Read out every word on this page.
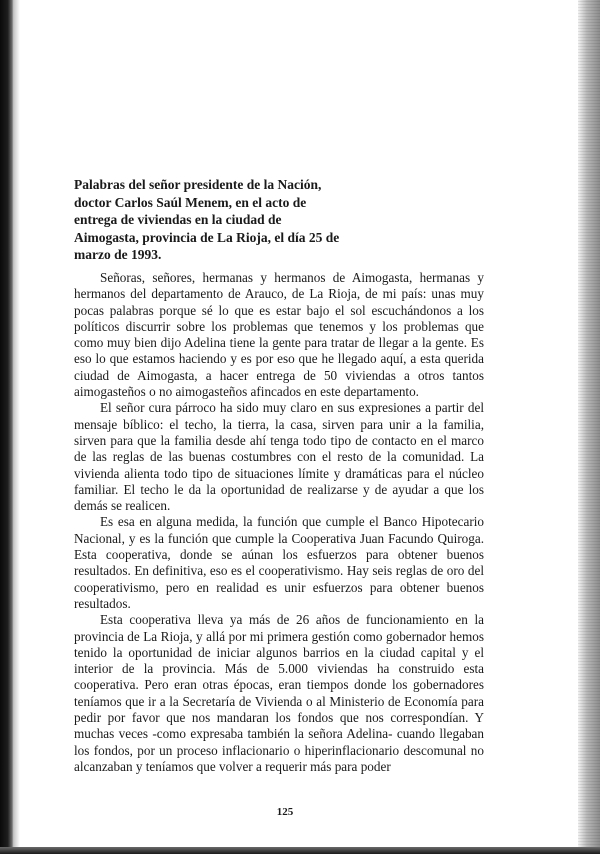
Palabras del señor presidente de la Nación,
doctor Carlos Saúl Menem, en el acto de
entrega de viviendas en la ciudad de
Aimogasta, provincia de La Rioja, el día 25 de
marzo de 1993.

Señoras, señores, hermanas y hermanos de Aimogasta, hermanas y hermanos del departamento de Arauco, de La Rioja, de mi país: unas muy pocas palabras porque sé lo que es estar bajo el sol escuchándonos a los políticos discurrir sobre los problemas que tenemos y los problemas que como muy bien dijo Adelina tiene la gente para tratar de llegar a la gente. Es eso lo que estamos haciendo y es por eso que he llegado aquí, a esta querida ciudad de Aimogasta, a hacer entrega de 50 viviendas a otros tantos aimogasteños o no aimogasteños afincados en este departamento.

El señor cura párroco ha sido muy claro en sus expresiones a partir del mensaje bíblico: el techo, la tierra, la casa, sirven para unir a la familia, sirven para que la familia desde ahí tenga todo tipo de contacto en el marco de las reglas de las buenas costumbres con el resto de la comunidad. La vivienda alienta todo tipo de situaciones límite y dramáticas para el núcleo familiar. El techo le da la oportunidad de realizarse y de ayudar a que los demás se realicen.

Es esa en alguna medida, la función que cumple el Banco Hipotecario Nacional, y es la función que cumple la Cooperativa Juan Facundo Quiroga. Esta cooperativa, donde se aúnan los esfuerzos para obtener buenos resultados. En definitiva, eso es el cooperativismo. Hay seis reglas de oro del cooperativismo, pero en realidad es unir esfuerzos para obtener buenos resultados.

Esta cooperativa lleva ya más de 26 años de funcionamiento en la provincia de La Rioja, y allá por mi primera gestión como gobernador hemos tenido la oportunidad de iniciar algunos barrios en la ciudad capital y el interior de la provincia. Más de 5.000 viviendas ha construido esta cooperativa. Pero eran otras épocas, eran tiempos donde los gobernadores teníamos que ir a la Secretaría de Vivienda o al Ministerio de Economía para pedir por favor que nos mandaran los fondos que nos correspondían. Y muchas veces -como expresaba también la señora Adelina- cuando llegaban los fondos, por un proceso inflacionario o hiperinflacionario descomunal no alcanzaban y teníamos que volver a requerir más para poder

125
